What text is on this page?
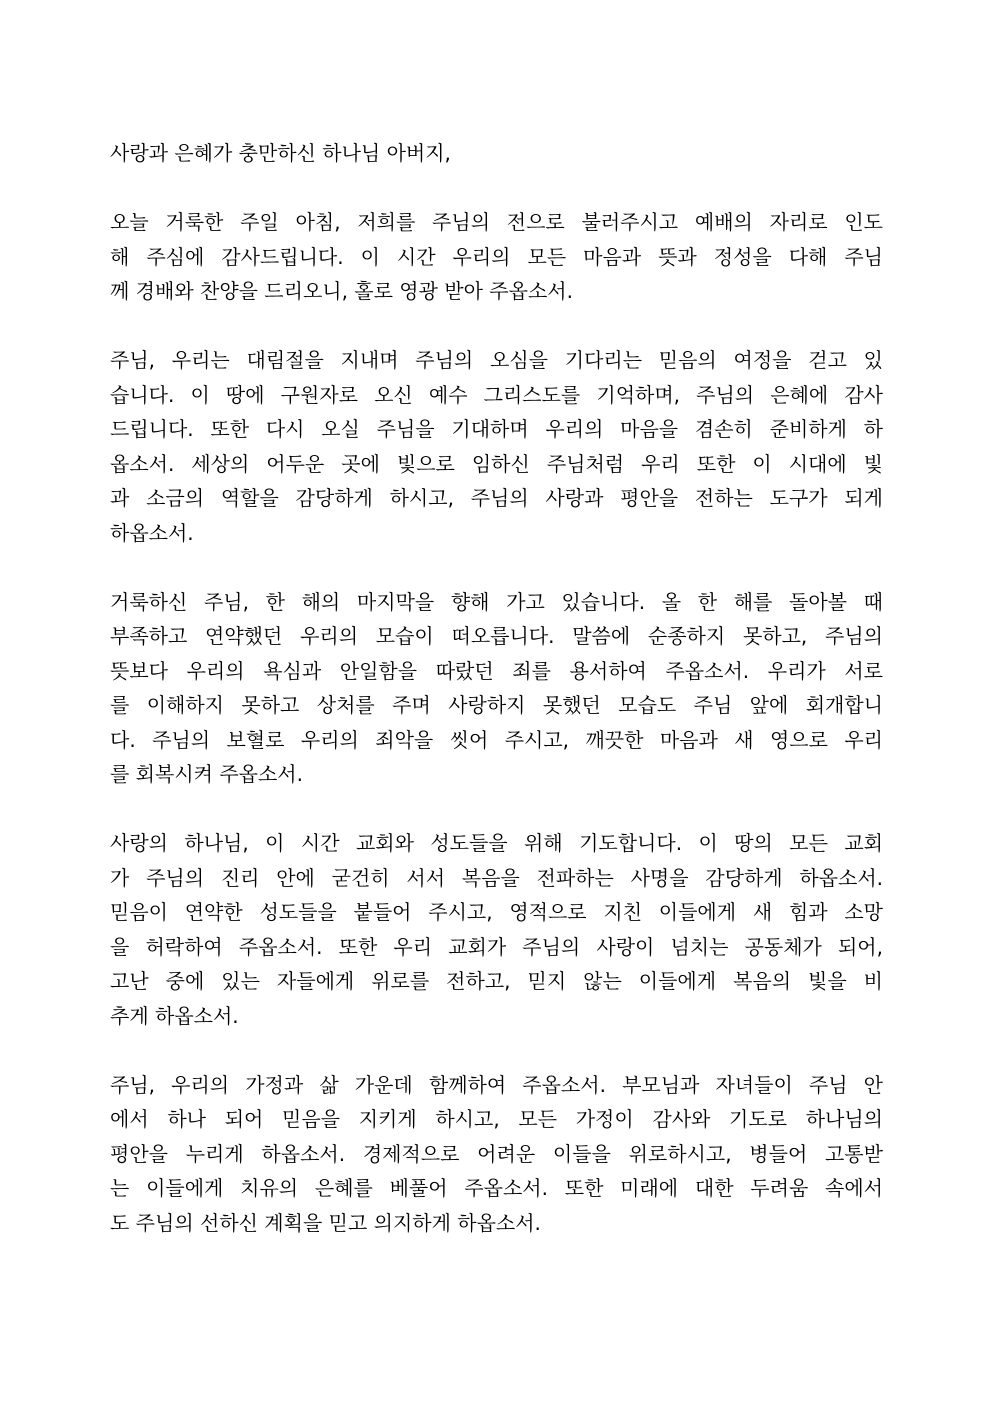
사랑과 은혜가 충만하신 하나님 아버지,

오늘 거룩한 주일 아침, 저희를 주님의 전으로 불러주시고 예배의 자리로 인도
해 주심에 감사드립니다. 이 시간 우리의 모든 마음과 뜻과 정성을 다해 주님
께 경배와 찬양을 드리오니, 홀로 영광 받아 주옵소서.

주님, 우리는 대림절을 지내며 주님의 오심을 기다리는 믿음의 여정을 걷고 있
습니다. 이 땅에 구원자로 오신 예수 그리스도를 기억하며, 주님의 은혜에 감사
드립니다. 또한 다시 오실 주님을 기대하며 우리의 마음을 겸손히 준비하게 하
옵소서. 세상의 어두운 곳에 빛으로 임하신 주님처럼 우리 또한 이 시대에 빛
과 소금의 역할을 감당하게 하시고, 주님의 사랑과 평안을 전하는 도구가 되게
하옵소서.

거룩하신 주님, 한 해의 마지막을 향해 가고 있습니다. 올 한 해를 돌아볼 때
부족하고 연약했던 우리의 모습이 떠오릅니다. 말씀에 순종하지 못하고, 주님의
뜻보다 우리의 욕심과 안일함을 따랐던 죄를 용서하여 주옵소서. 우리가 서로
를 이해하지 못하고 상처를 주며 사랑하지 못했던 모습도 주님 앞에 회개합니
다. 주님의 보혈로 우리의 죄악을 씻어 주시고, 깨끗한 마음과 새 영으로 우리
를 회복시켜 주옵소서.

사랑의 하나님, 이 시간 교회와 성도들을 위해 기도합니다. 이 땅의 모든 교회
가 주님의 진리 안에 굳건히 서서 복음을 전파하는 사명을 감당하게 하옵소서.
믿음이 연약한 성도들을 붙들어 주시고, 영적으로 지친 이들에게 새 힘과 소망
을 허락하여 주옵소서. 또한 우리 교회가 주님의 사랑이 넘치는 공동체가 되어,
고난 중에 있는 자들에게 위로를 전하고, 믿지 않는 이들에게 복음의 빛을 비
추게 하옵소서.

주님, 우리의 가정과 삶 가운데 함께하여 주옵소서. 부모님과 자녀들이 주님 안
에서 하나 되어 믿음을 지키게 하시고, 모든 가정이 감사와 기도로 하나님의
평안을 누리게 하옵소서. 경제적으로 어려운 이들을 위로하시고, 병들어 고통받
는 이들에게 치유의 은혜를 베풀어 주옵소서. 또한 미래에 대한 두려움 속에서
도 주님의 선하신 계획을 믿고 의지하게 하옵소서.
